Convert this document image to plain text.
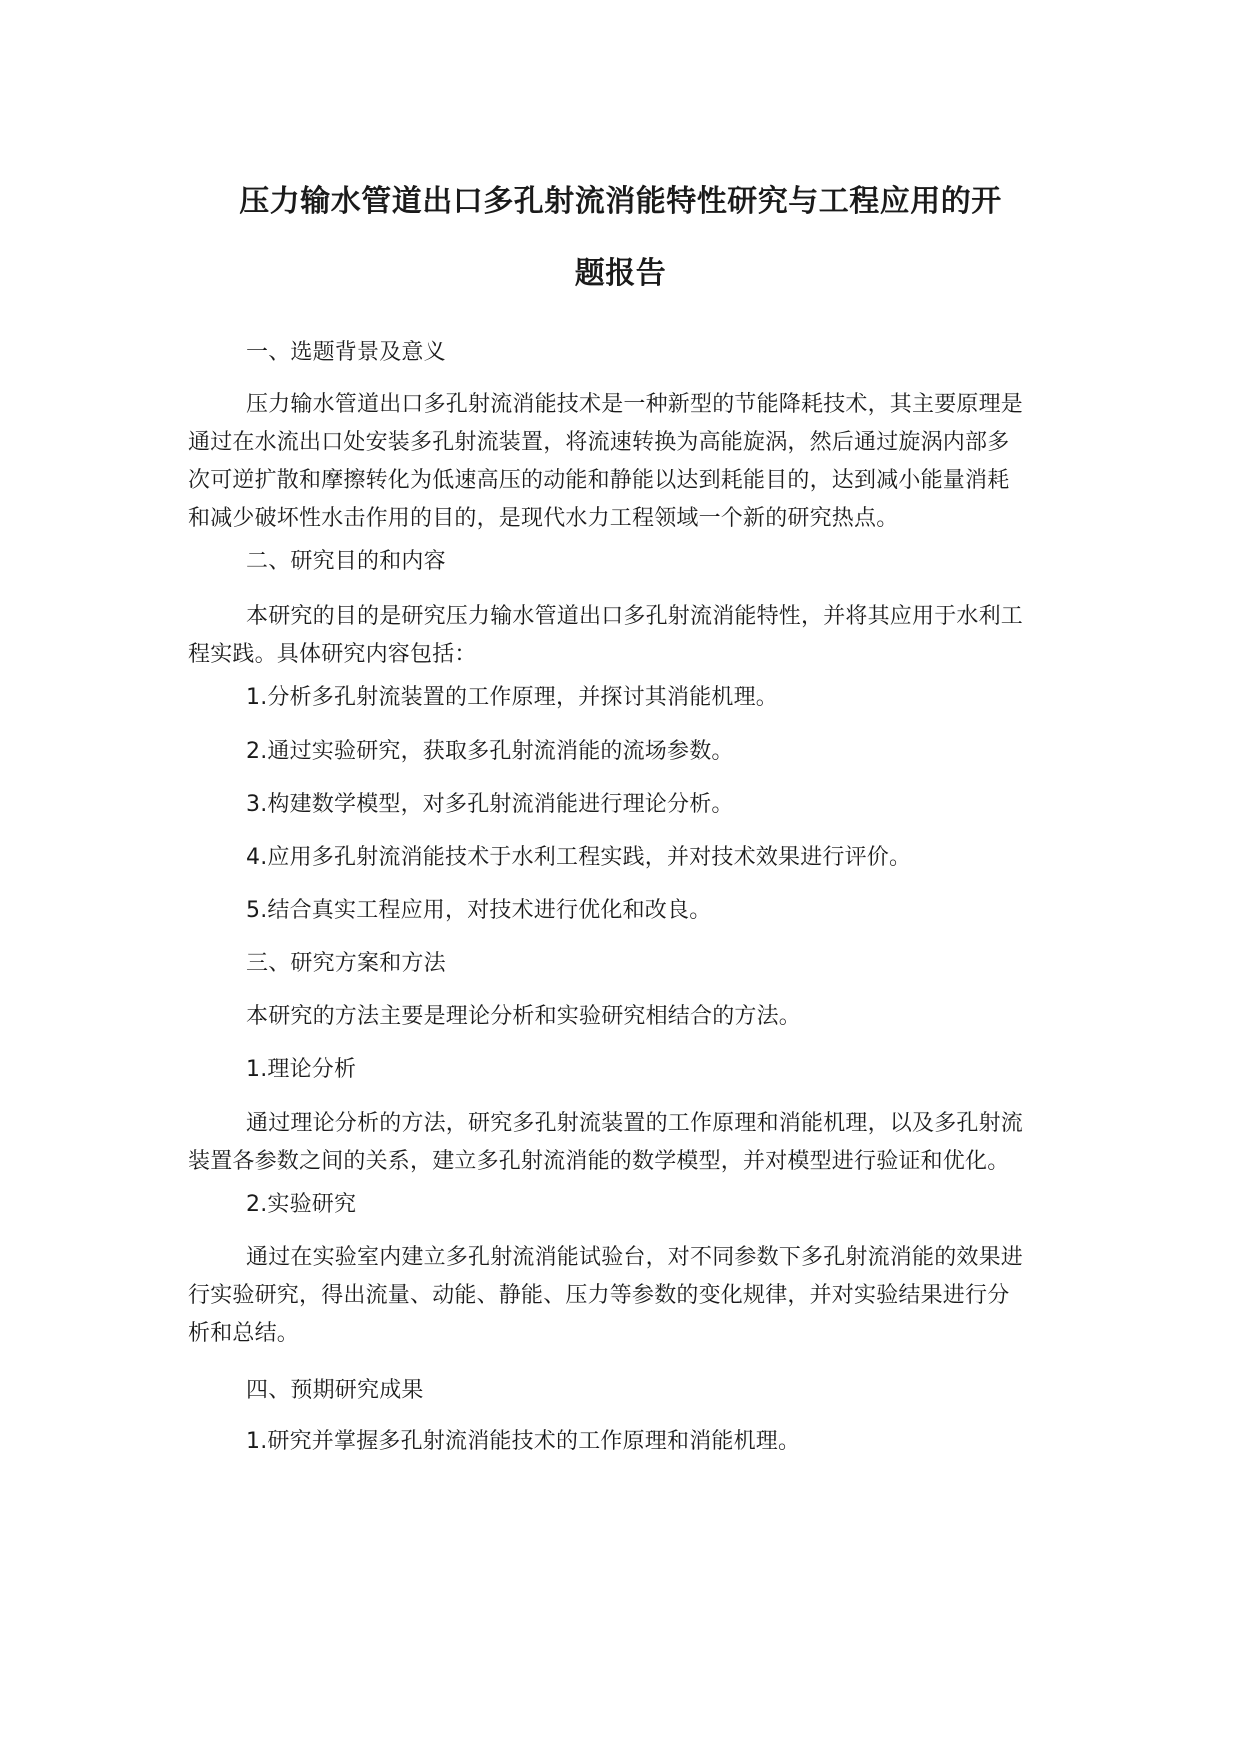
压力输水管道出口多孔射流消能特性研究与工程应用的开
题报告
一、选题背景及意义
压力输水管道出口多孔射流消能技术是一种新型的节能降耗技术，其主要原理是
通过在水流出口处安装多孔射流装置，将流速转换为高能旋涡，然后通过旋涡内部多
次可逆扩散和摩擦转化为低速高压的动能和静能以达到耗能目的，达到减小能量消耗
和减少破坏性水击作用的目的，是现代水力工程领域一个新的研究热点。
二、研究目的和内容
本研究的目的是研究压力输水管道出口多孔射流消能特性，并将其应用于水利工
程实践。具体研究内容包括：
1.分析多孔射流装置的工作原理，并探讨其消能机理。
2.通过实验研究，获取多孔射流消能的流场参数。
3.构建数学模型，对多孔射流消能进行理论分析。
4.应用多孔射流消能技术于水利工程实践，并对技术效果进行评价。
5.结合真实工程应用，对技术进行优化和改良。
三、研究方案和方法
本研究的方法主要是理论分析和实验研究相结合的方法。
1.理论分析
通过理论分析的方法，研究多孔射流装置的工作原理和消能机理，以及多孔射流
装置各参数之间的关系，建立多孔射流消能的数学模型，并对模型进行验证和优化。
2.实验研究
通过在实验室内建立多孔射流消能试验台，对不同参数下多孔射流消能的效果进
行实验研究，得出流量、动能、静能、压力等参数的变化规律，并对实验结果进行分
析和总结。
四、预期研究成果
1.研究并掌握多孔射流消能技术的工作原理和消能机理。
